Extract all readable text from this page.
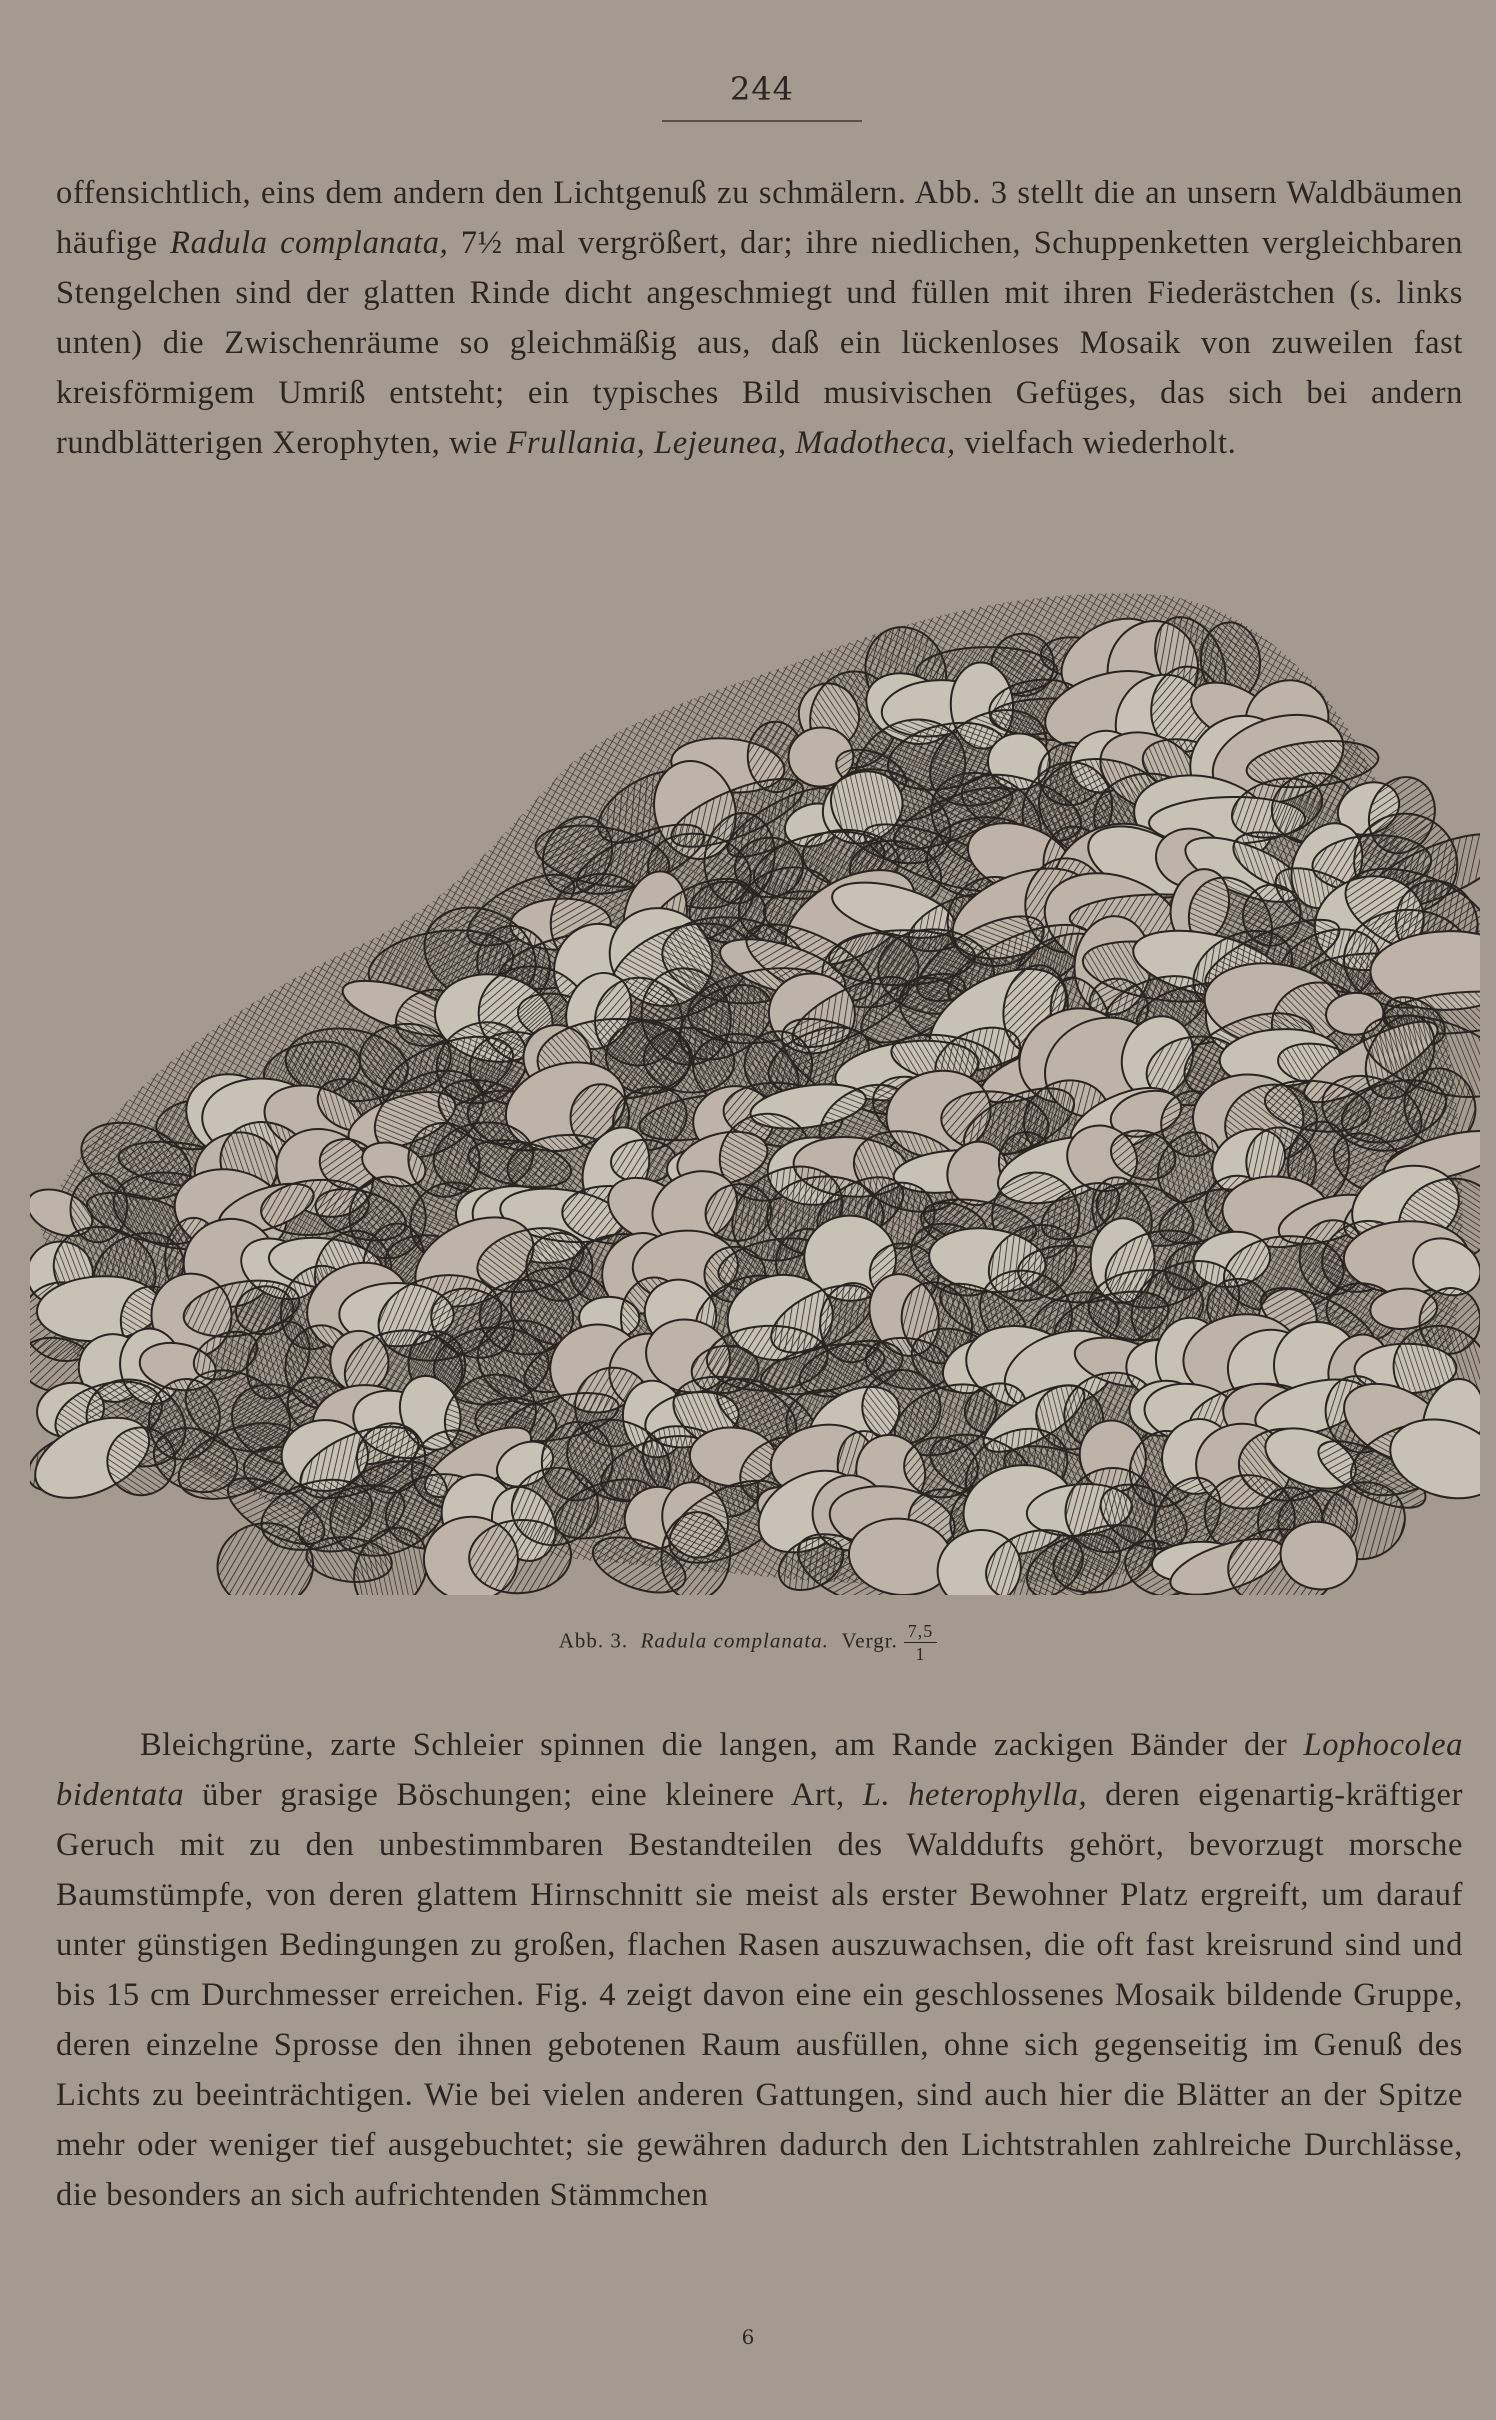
244
offensichtlich, eins dem andern den Lichtgenuß zu schmälern. Abb. 3 stellt die an unsern Waldbäumen häufige Radula complanata, 7½ mal vergrößert, dar; ihre niedlichen, Schuppenketten vergleichbaren Stengelchen sind der glatten Rinde dicht angeschmiegt und füllen mit ihren Fiederästchen (s. links unten) die Zwischenräume so gleichmäßig aus, daß ein lückenloses Mosaik von zuweilen fast kreisförmigem Umriß entsteht; ein typisches Bild musivischen Gefüges, das sich bei andern rundblätterigen Xerophyten, wie Frullania, Lejeunea, Madotheca, vielfach wiederholt.
Abb. 3. Radula complanata. Vergr. $\frac{7,5}{1}$
Bleichgrüne, zarte Schleier spinnen die langen, am Rande zackigen Bänder der Lophocolea bidentata über grasige Böschungen; eine kleinere Art, L. heterophylla, deren eigenartig-kräftiger Geruch mit zu den unbestimmbaren Bestandteilen des Walddufts gehört, bevorzugt morsche Baumstümpfe, von deren glattem Hirnschnitt sie meist als erster Bewohner Platz ergreift, um darauf unter günstigen Bedingungen zu großen, flachen Rasen auszuwachsen, die oft fast kreisrund sind und bis 15 cm Durchmesser erreichen. Fig. 4 zeigt davon eine ein geschlossenes Mosaik bildende Gruppe, deren einzelne Sprosse den ihnen gebotenen Raum ausfüllen, ohne sich gegenseitig im Genuß des Lichts zu beeinträchtigen. Wie bei vielen anderen Gattungen, sind auch hier die Blätter an der Spitze mehr oder weniger tief ausgebuchtet; sie gewähren dadurch den Lichtstrahlen zahlreiche Durchlässe, die besonders an sich aufrichtenden Stämmchen
6
